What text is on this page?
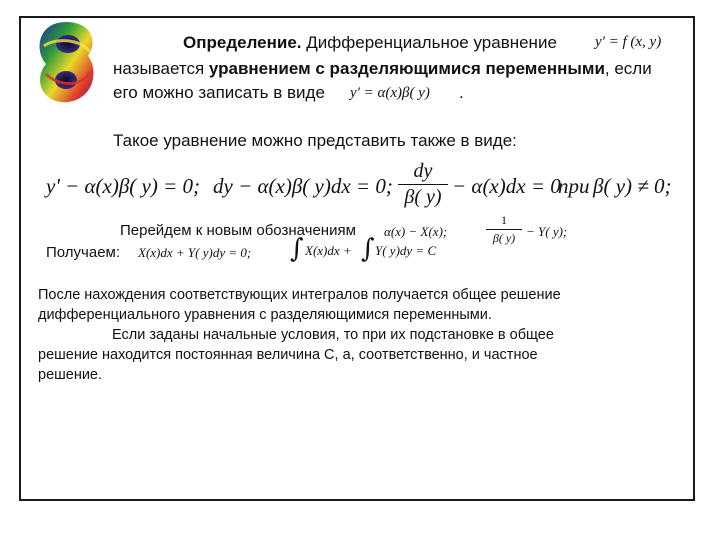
Определение. Дифференциальное уравнение	y' = f (x, y)
называется уравнением с разделяющимися переменными, если
его можно записать в виде y' = α(x)β( y) .
Такое уравнение можно представить также в виде:
y' − α(x)β( y) = 0; dy − α(x)β( y)dx = 0;
dy
β( y) − α(x)dx = 0
при β( y) ≠ 0;
Перейдем к новым обозначениям α(x) − X(x);
1
β( y) − Y( y);
Получаем: X(x)dx + Y( y)dy = 0; ∫ X(x)dx + ∫ Y( y)dy = C
После нахождения соответствующих интегралов получается общее решение
дифференциального уравнения с разделяющимися переменными.
Если заданы начальные условия, то при их подстановке в общее
решение находится постоянная величина С, а, соответственно, и частное
решение.
